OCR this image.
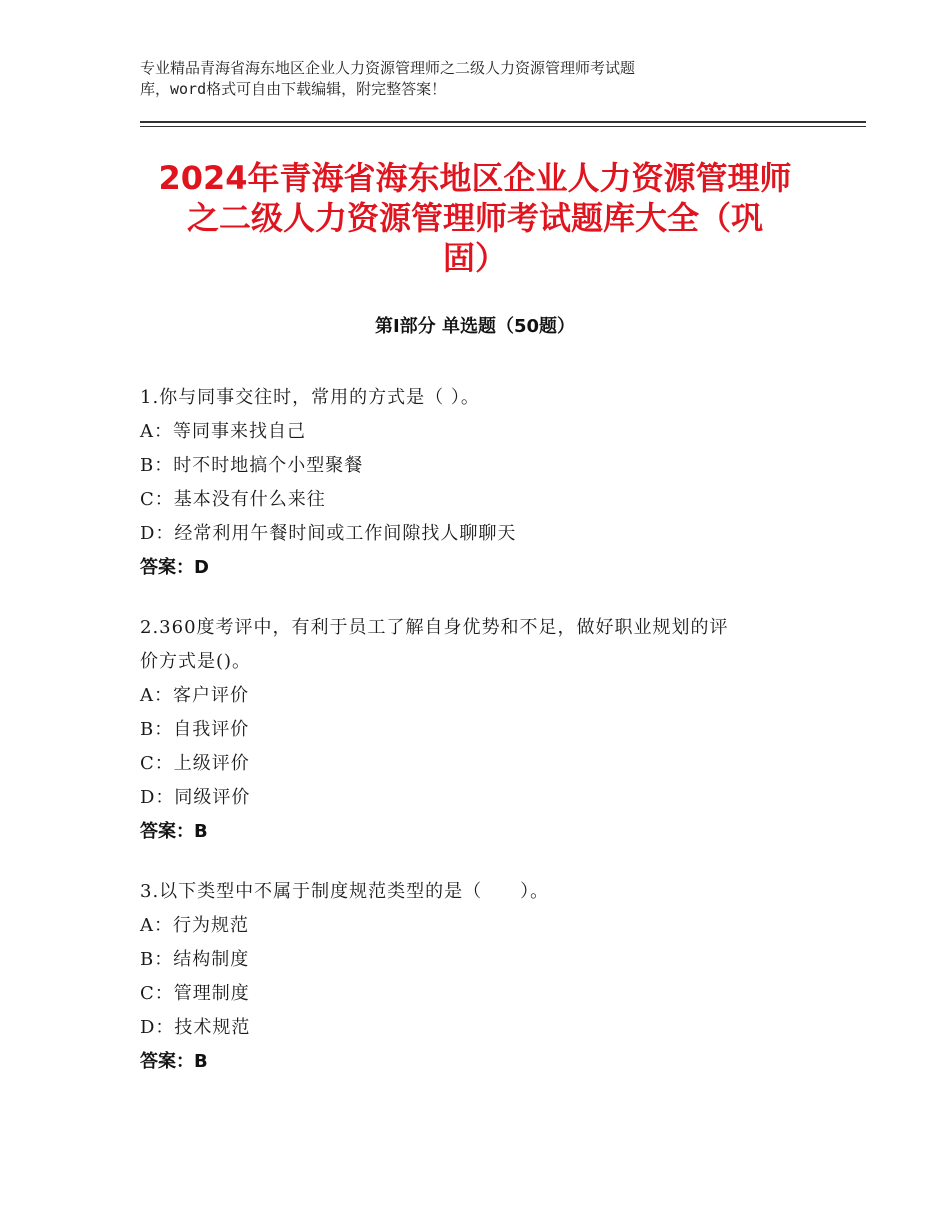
专业精品青海省海东地区企业人力资源管理师之二级人力资源管理师考试题
库，word格式可自由下载编辑，附完整答案！
2024年青海省海东地区企业人力资源管理师
之二级人力资源管理师考试题库大全（巩
固）
第Ⅰ部分 单选题（50题）
1.你与同事交往时，常用的方式是（ ）。
A：等同事来找自己
B：时不时地搞个小型聚餐
C：基本没有什么来往
D：经常利用午餐时间或工作间隙找人聊聊天
答案：D
2.360度考评中，有利于员工了解自身优势和不足，做好职业规划的评
价方式是()。
A：客户评价
B：自我评价
C：上级评价
D：同级评价
答案：B
3.以下类型中不属于制度规范类型的是（　　）。
A：行为规范
B：结构制度
C：管理制度
D：技术规范
答案：B
